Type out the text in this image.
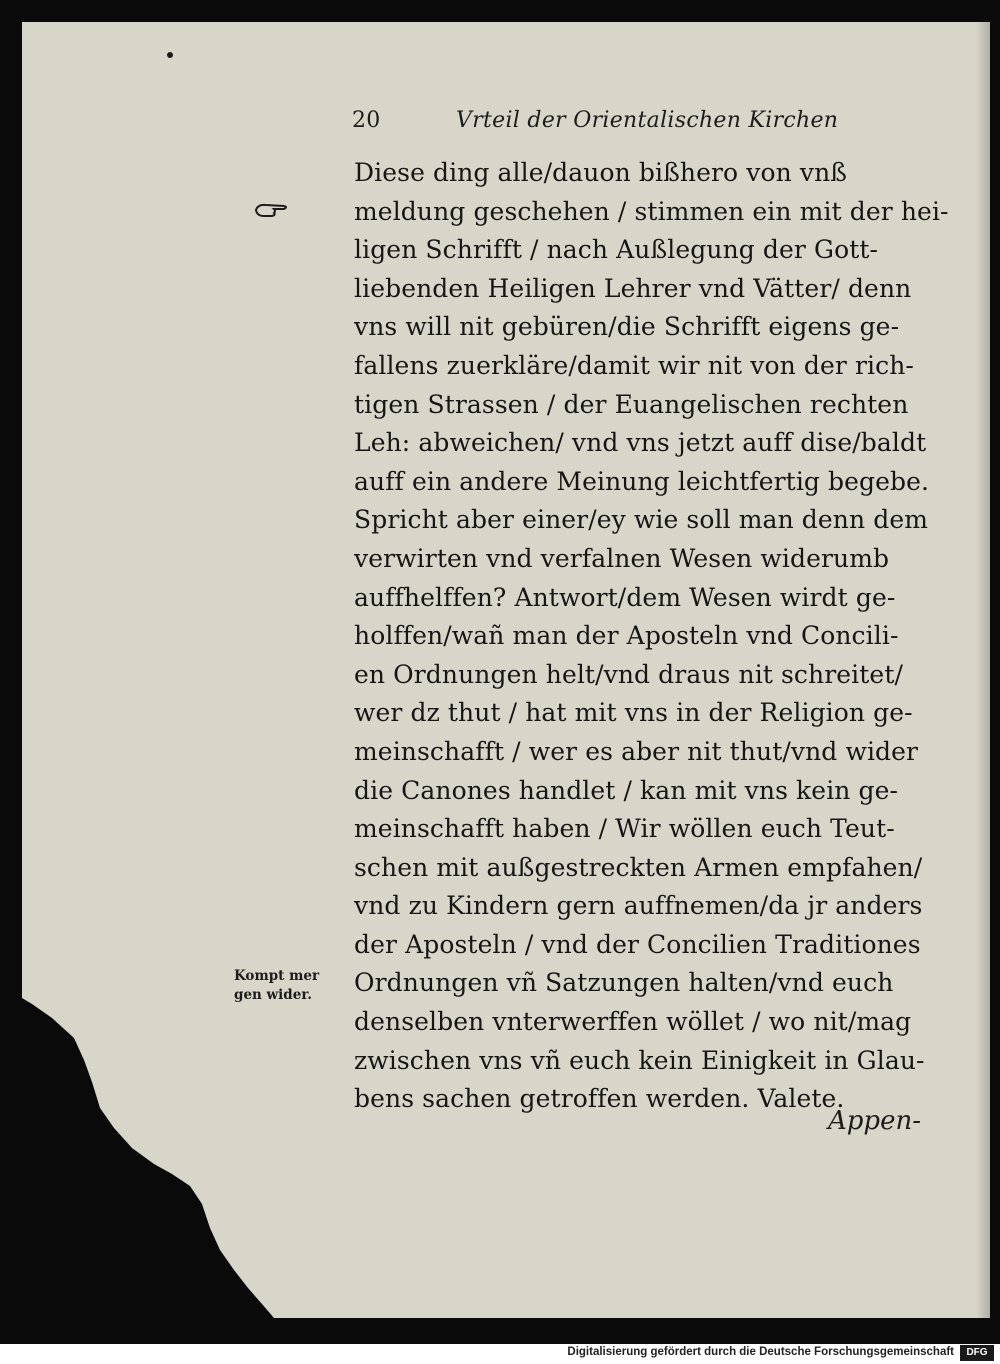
20	Vrteil der Orientalischen Kirchen
Diese ding alle/dauon bißhero von vnß
meldung geschehen / stimmen ein mit der hei-
ligen Schrifft / nach Außlegung der Gott-
liebenden Heiligen Lehrer vnd Vätter/ denn
vns will nit gebüren/die Schrifft eigens ge-
fallens zuerkläre/damit wir nit von der rich-
tigen Strassen / der Euangelischen rechten
Leh: abweichen/ vnd vns jetzt auff dise/baldt
auff ein andere Meinung leichtfertig begebe.
Spricht aber einer/ey wie soll man denn dem
verwirten vnd verfalnen Wesen widerumb
auffhelffen? Antwort/dem Wesen wirdt ge-
holffen/wañ man der Aposteln vnd Concili-
en Ordnungen helt/vnd draus nit schreitet/
wer dz thut / hat mit vns in der Religion ge-
meinschafft / wer es aber nit thut/vnd wider
die Canones handlet / kan mit vns kein ge-
meinschafft haben / Wir wöllen euch Teut-
schen mit außgestreckten Armen empfahen/
vnd zu Kindern gern auffnemen/da jr anders
der Aposteln / vnd der Concilien Traditiones
Ordnungen vñ Satzungen halten/vnd euch
denselben vnterwerffen wöllet / wo nit/mag
zwischen vns vñ euch kein Einigkeit in Glau-
bens sachen getroffen werden. Valete.
Kompt mer
gen wider.
Appen-
Digitalisierung gefördert durch die Deutsche Forschungsgemeinschaft	DFG
